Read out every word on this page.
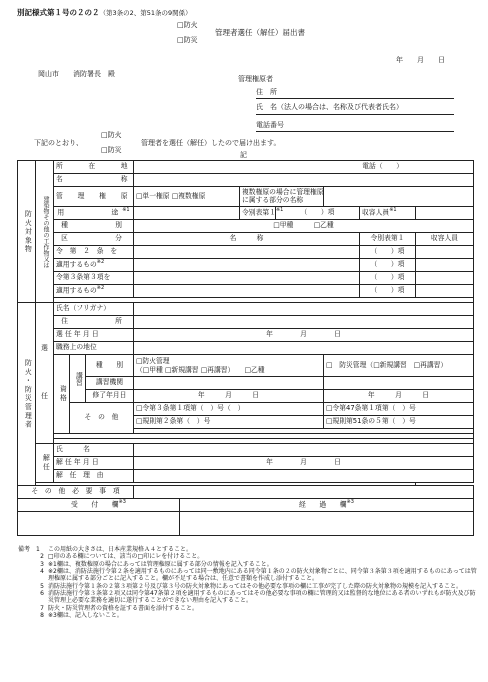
別記様式第１号の２の２（第3条の2、第51条の9関係）
□防火
□防災
管理者選任（解任）届出書
年　　月　　日
岡山市　　消防署長　殿
管理権原者
住　所
氏　名（法人の場合は、名称及び代表者氏名）
電話番号
下記のとおり、
□防火
□防災
管理者を選任（解任）したので届け出ます。
記
防火対象物	建築物その他の工作物又は	所　　在　　地			電話（　　）						
		名　　　　　称									
		管　理　権　原			□単一権原 □複数権原		複数権原の場合に管理権原
に属する部分の名称				

		用　　　　途$^{※1}$					令別表第１$^{※1}$	（　　）項		収容人員$^{※1}$	
		種　　　　別			□甲種　　　 □乙種						
		区　　　　分			名　　　称					令別表第１	収容人員
		令　第　２　条　を								（　　）項	
		適用するもの$^{※2}$								（　　）項	
		令第３条第３項を								（　　）項	
		適用するもの$^{※2}$								（　　）項	

防火・防災管理者	選
任	氏名（フリガナ）									
		住　　　　所									
		選 任 年 月 日			年　　　　月　　　　日						
		職務上の地位									

		資格	講習	種　　別	□防火管理
（□甲種 □新規講習 □再講習）　　□乙種				□　防災管理（□新規講習　□再講習）		
				講習機関							
				修了年月日	年　　　月　　　日				年　　　月　　　日		
			そ　の　他		□令第３条第１項第（　）号（　）				□令第47条第１項第（　）号		
					□規則第２条第（　）号				□規則第51条の５第（　）号		

	解任	氏　　　名									
		解 任 年 月 日			年　　　　月　　　　日						
		解　任　理　由									

そ　の　他　必　要　事　項											
受　　付　　欄$^{※3}$						経　　過　　欄$^{※3}$

備考　 1	この用紙の大きさは、日本産業規格Ａ４とすること。
2 □印のある欄については、該当の□印にレを付けること。
3 ※1欄は、複数権原の場合にあっては管理権原に属する部分の情報を記入すること。
4 ※2欄は、消防法施行令第２条を適用するものにあっては同一敷地内にある同令第１条の２の防火対象物ごとに、同令第３条第３項を適用するものにあっては管理権原に属する部分ごとに記入すること。欄が不足する場合は、任意で書類を作成し添付すること。
5 消防法施行令第１条の２第３項第２号及び第３号の防火対象物にあってはその他必要な事項の欄に工事が完了した際の防火対象物の規模を記入すること。
6 消防法施行令第３条第２項又は同令第47条第２項を適用するものにあってはその他必要な事項の欄に管理的又は監督的な地位にある者のいずれもが防火及び防災管理上必要な業務を適切に遂行することができない理由を記入すること。
7 防火・防災管理者の資格を証する書面を添付すること。
8 ※3欄は、記入しないこと。
